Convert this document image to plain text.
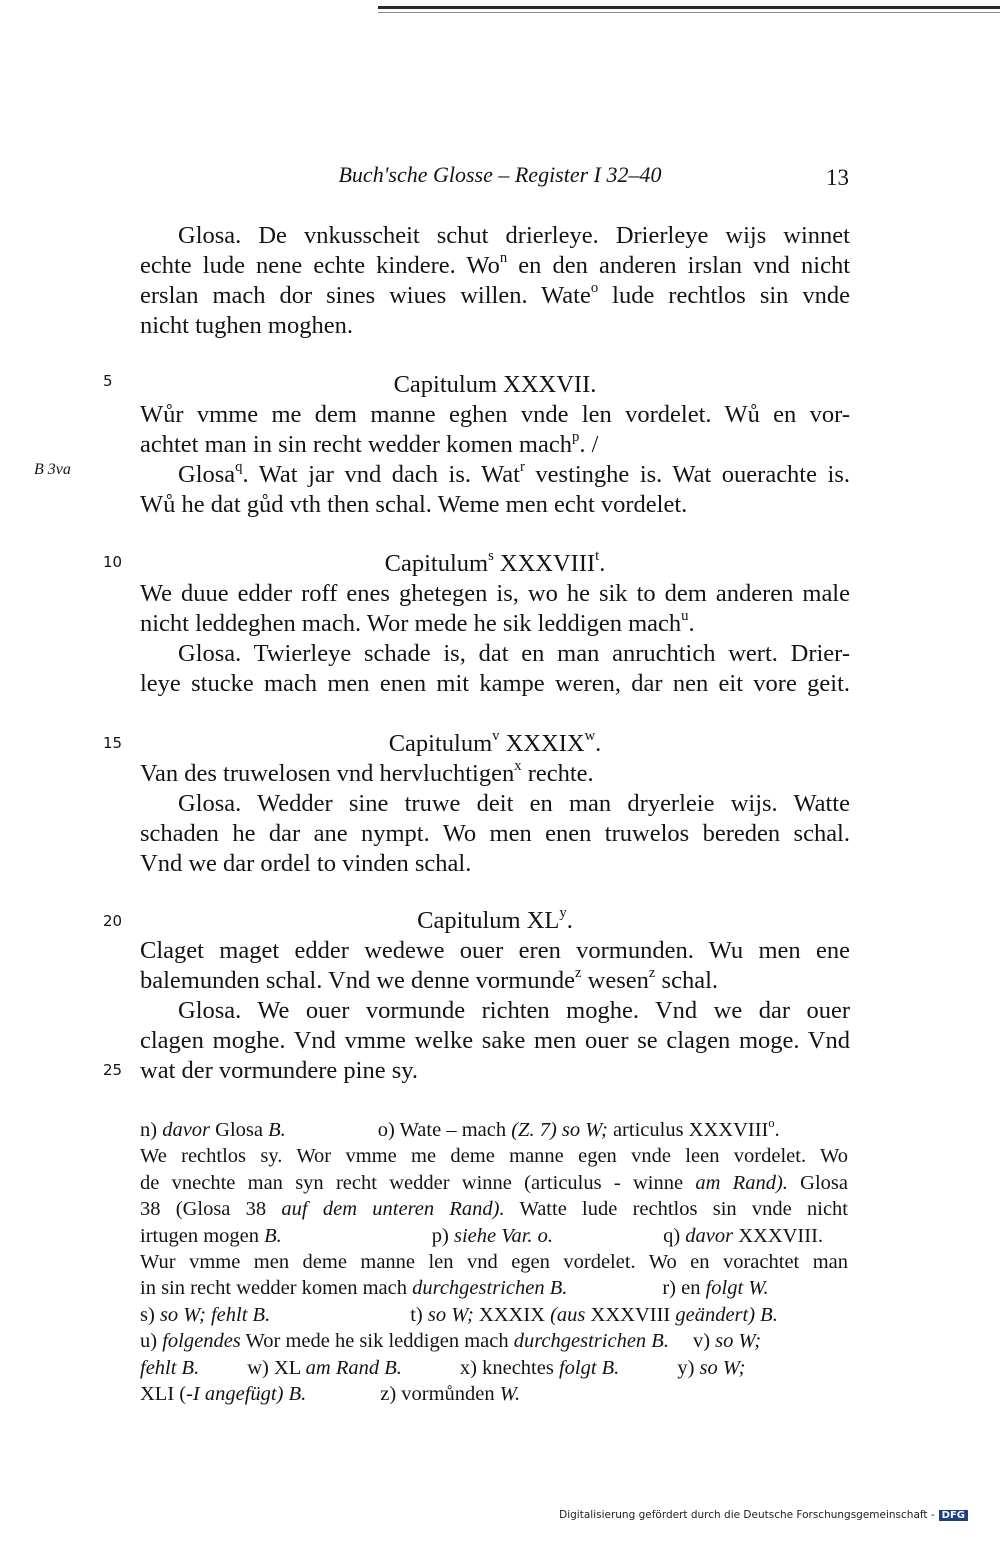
Buch'sche Glosse – Register I 32–40	13
Glosa. De vnkusscheit schut drierleye. Drierleye wijs winnet
echte lude nene echte kindere. Wo$^n$ en den anderen irslan vnd nicht
erslan mach dor sines wiues willen. Wate$^o$ lude rechtlos sin vnde
nicht tughen moghen.
5
B 3va
10
15
20
25
Capitulum XXXVII.
Wůr vmme me dem manne eghen vnde len vordelet. Wů en vor-
achtet man in sin recht wedder komen mach$^p$. /
Glosa$^q$. Wat jar vnd dach is. Wat$^r$ vestinghe is. Wat ouerachte is.
Wů he dat gůd vth then schal. Weme men echt vordelet.
Capitulum$^s$ XXXVIII$^t$.
We duue edder roff enes ghetegen is, wo he sik to dem anderen male
nicht leddeghen mach. Wor mede he sik leddigen mach$^u$.
Glosa. Twierleye schade is, dat en man anruchtich wert. Drier-
leye stucke mach men enen mit kampe weren, dar nen eit vore geit.
Capitulum$^v$ XXXIX$^w$.
Van des truwelosen vnd hervluchtigen$^x$ rechte.
Glosa. Wedder sine truwe deit en man dryerleie wijs. Watte
schaden he dar ane nympt. Wo men enen truwelos bereden schal.
Vnd we dar ordel to vinden schal.
Capitulum $XL^y$.
Claget maget edder wedewe ouer eren vormunden. Wu men ene
balemunden schal. Vnd we denne vormunde$^z$ wesen$^z$ schal.
Glosa. We ouer vormunde richten moghe. Vnd we dar ouer
clagen moghe. Vnd vmme welke sake men ouer se clagen moge. Vnd
wat der vormundere pine sy.
n) davor Glosa B.	o) Wate – mach (Z. 7) so W; articulus XXXVIII$^o$.
We rechtlos sy. Wor vmme me deme manne egen vnde leen vordelet. Wo
de vnechte man syn recht wedder winne (articulus - winne am Rand). Glosa
38 (Glosa 38 auf dem unteren Rand). Watte lude rechtlos sin vnde nicht
irtugen mogen B.	p) siehe Var. o.	q) davor XXXVIII.
Wur vmme men deme manne len vnd egen vordelet. Wo en vorachtet man
in sin recht wedder komen mach durchgestrichen B.	r) en folgt W.
s) so W; fehlt B.	t) so W; XXXIX (aus XXXVIII geändert) B.
u) folgendes Wor mede he sik leddigen mach durchgestrichen B. v) so W;
fehlt B. w) XL am Rand B.	x) knechtes folgt B.	y) so W;
XLI (-I angefügt) B.	z) vormůnden W.
Digitalisierung gefördert durch die Deutsche Forschungsgemeinschaft - DFG
